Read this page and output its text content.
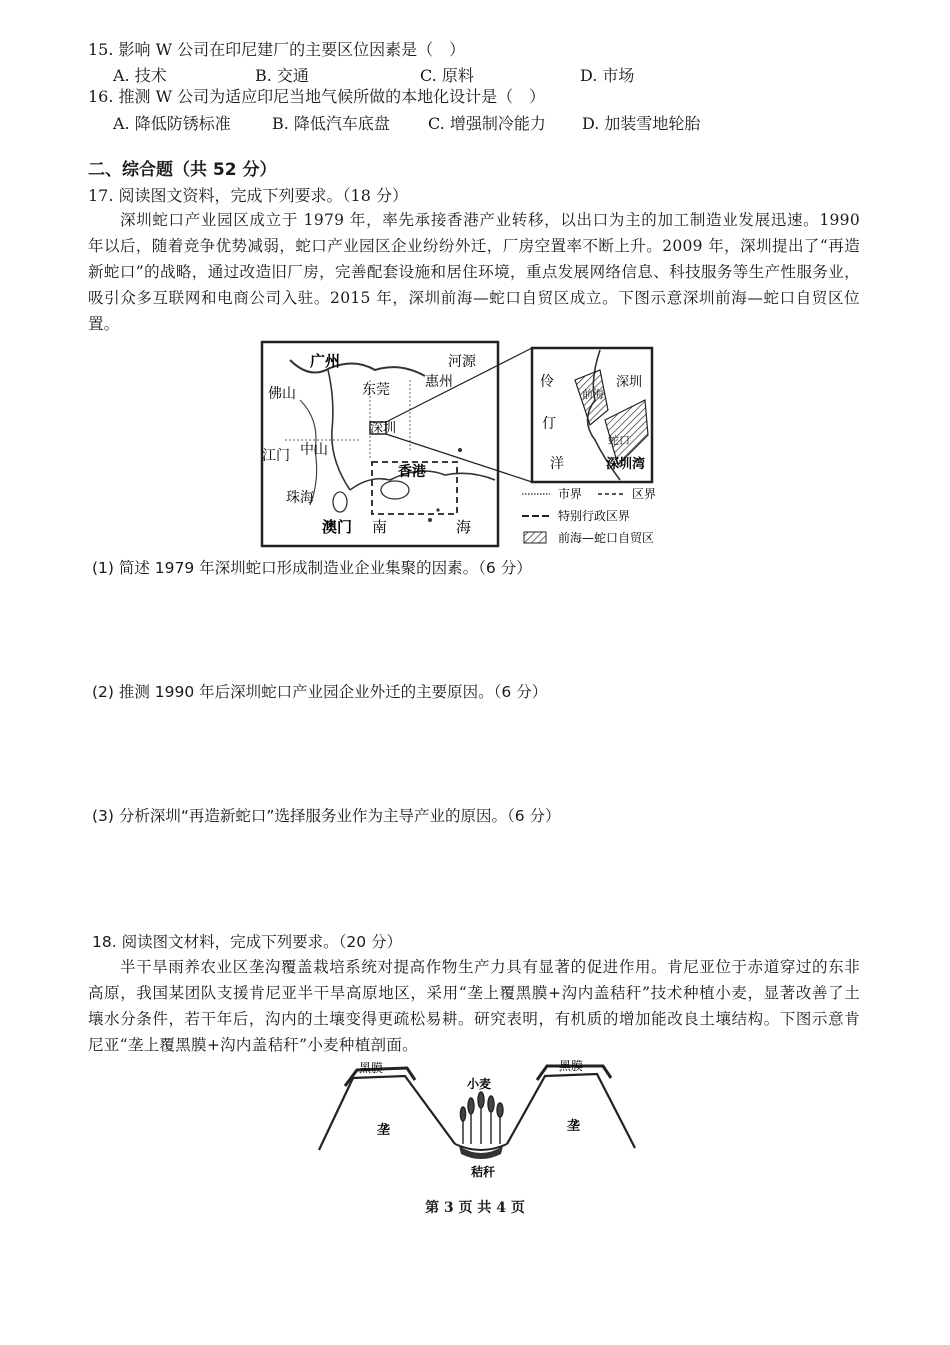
15. 影响 W 公司在印尼建厂的主要区位因素是（　）
A. 技术	B. 交通	C. 原料	D. 市场
16. 推测 W 公司为适应印尼当地气候所做的本地化设计是（　）
A. 降低防锈标准	B. 降低汽车底盘 C. 增强制冷能力 D. 加装雪地轮胎
二、综合题（共 52 分）
17. 阅读图文资料，完成下列要求。（18 分）
深圳蛇口产业园区成立于 1979 年，率先承接香港产业转移，以出口为主的加工制造业发展迅速。1990 年以后，随着竞争优势减弱，蛇口产业园区企业纷纷外迁，厂房空置率不断上升。2009 年，深圳提出了“再造新蛇口”的战略，通过改造旧厂房，完善配套设施和居住环境，重点发展网络信息、科技服务等生产性服务业，吸引众多互联网和电商公司入驻。2015 年，深圳前海—蛇口自贸区成立。下图示意深圳前海—蛇口自贸区位置。
广州	河源
佛山	东莞	惠州
深圳
江门 中山
香港
珠海
澳门 南	海
伶
仃
洋
深圳
前海
蛇口
深圳湾
市界	区界
特别行政区界
前海—蛇口自贸区
(1) 简述 1979 年深圳蛇口形成制造业企业集聚的因素。（6 分）
(2) 推测 1990 年后深圳蛇口产业园企业外迁的主要原因。（6 分）
(3) 分析深圳“再造新蛇口”选择服务业作为主导产业的原因。（6 分）
18. 阅读图文材料，完成下列要求。（20 分）
半干旱雨养农业区垄沟覆盖栽培系统对提高作物生产力具有显著的促进作用。肯尼亚位于赤道穿过的东非高原，我国某团队支援肯尼亚半干旱高原地区，采用“垄上覆黑膜+沟内盖秸秆”技术种植小麦，显著改善了土壤水分条件，若干年后，沟内的土壤变得更疏松易耕。研究表明，有机质的增加能改良土壤结构。下图示意肯尼亚“垄上覆黑膜+沟内盖秸秆”小麦种植剖面。
黑膜	黑膜
垄	垄
小麦
秸秆
第 3 页 共 4 页
